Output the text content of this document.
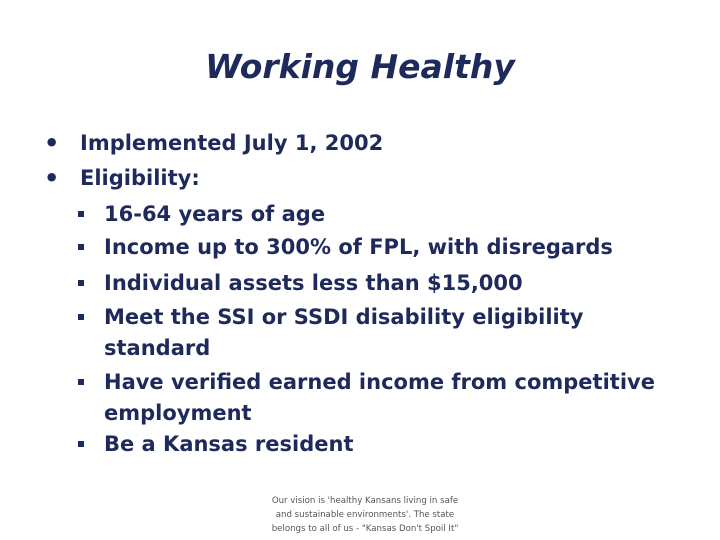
Working Healthy
• Implemented July 1, 2002
• Eligibility:
16-64 years of age
Income up to 300% of FPL, with disregards
Individual assets less than $15,000
Meet the SSI or SSDI disability eligibility
standard
Have verified earned income from competitive
employment
Be a Kansas resident
Our vision is 'healthy Kansans living in safe
and sustainable environments'. The state
belongs to all of us - "Kansas Don't Spoil It"
